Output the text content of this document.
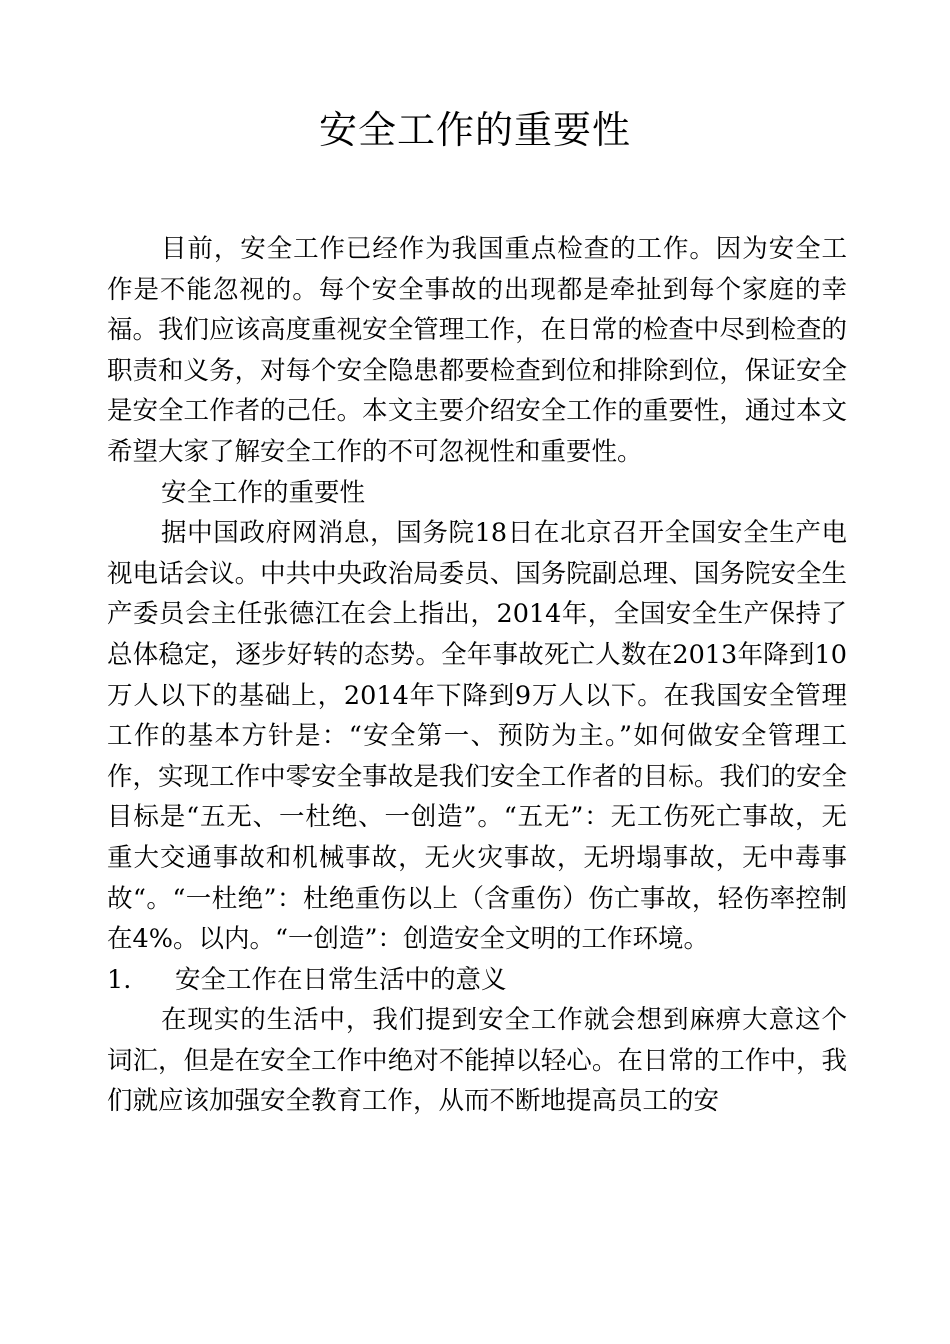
安全工作的重要性

目前，安全工作已经作为我国重点检查的工作。因为安全工作是不能忽视的。每个安全事故的出现都是牵扯到每个家庭的幸福。我们应该高度重视安全管理工作，在日常的检查中尽到检查的职责和义务，对每个安全隐患都要检查到位和排除到位，保证安全是安全工作者的己任。本文主要介绍安全工作的重要性，通过本文希望大家了解安全工作的不可忽视性和重要性。

安全工作的重要性

据中国政府网消息，国务院18日在北京召开全国安全生产电视电话会议。中共中央政治局委员、国务院副总理、国务院安全生产委员会主任张德江在会上指出，2014年，全国安全生产保持了总体稳定，逐步好转的态势。全年事故死亡人数在2013年降到10万人以下的基础上，2014年下降到9万人以下。在我国安全管理工作的基本方针是：“安全第一、预防为主。”如何做安全管理工作，实现工作中零安全事故是我们安全工作者的目标。我们的安全目标是“五无、一杜绝、一创造”。“五无”：无工伤死亡事故，无重大交通事故和机械事故，无火灾事故，无坍塌事故，无中毒事故“。“一杜绝”：杜绝重伤以上（含重伤）伤亡事故，轻伤率控制在4%。以内。“一创造”：创造安全文明的工作环境。

1. 安全工作在日常生活中的意义

在现实的生活中，我们提到安全工作就会想到麻痹大意这个词汇，但是在安全工作中绝对不能掉以轻心。在日常的工作中，我们就应该加强安全教育工作，从而不断地提高员工的安
